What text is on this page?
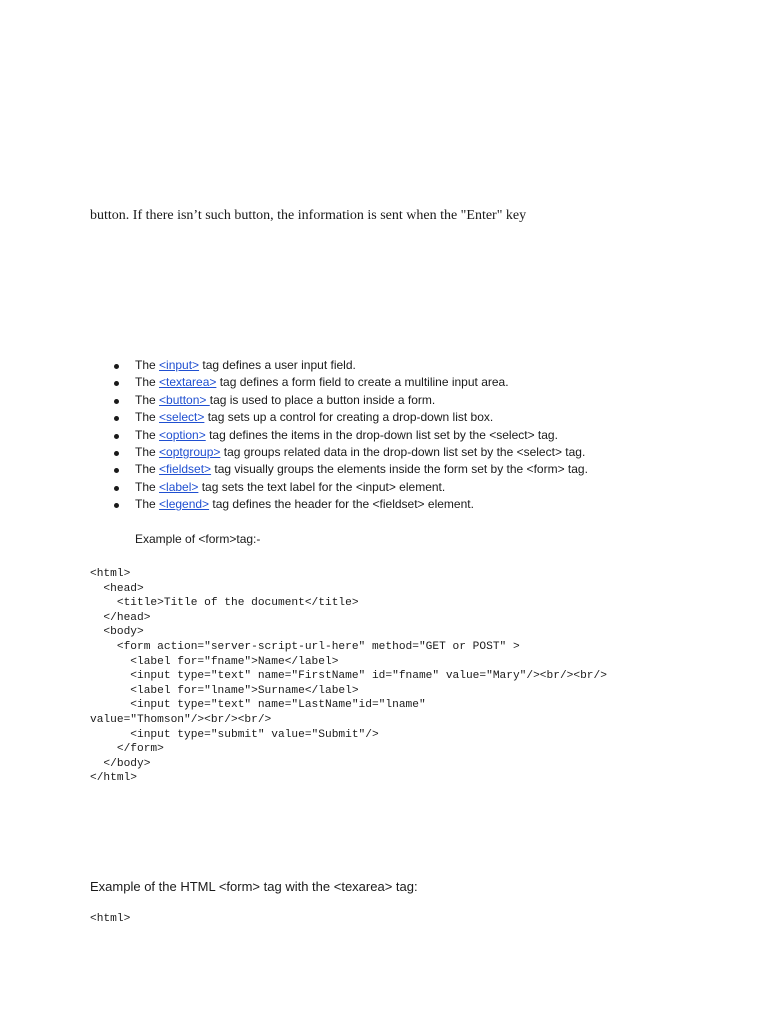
button. If there isn’t such button, the information is sent when the "Enter" key
The <input> tag defines a user input field.
The <textarea> tag defines a form field to create a multiline input area.
The <button> tag is used to place a button inside a form.
The <select> tag sets up a control for creating a drop-down list box.
The <option> tag defines the items in the drop-down list set by the <select> tag.
The <optgroup> tag groups related data in the drop-down list set by the <select> tag.
The <fieldset> tag visually groups the elements inside the form set by the <form> tag.
The <label> tag sets the text label for the <input> element.
The <legend> tag defines the header for the <fieldset> element.
Example of <form>tag:-
<html>
<head>
<title>Title of the document</title>
</head>
<body>
<form action="server-script-url-here" method="GET or POST" >
<label for="fname">Name</label>
<input type="text" name="FirstName" id="fname" value="Mary"/><br/><br/>
<label for="lname">Surname</label>
<input type="text" name="LastName"id="lname"
value="Thomson"/><br/><br/>
<input type="submit" value="Submit"/>
</form>
</body>
</html>
Example of the HTML <form> tag with the <texarea> tag:
<html>
